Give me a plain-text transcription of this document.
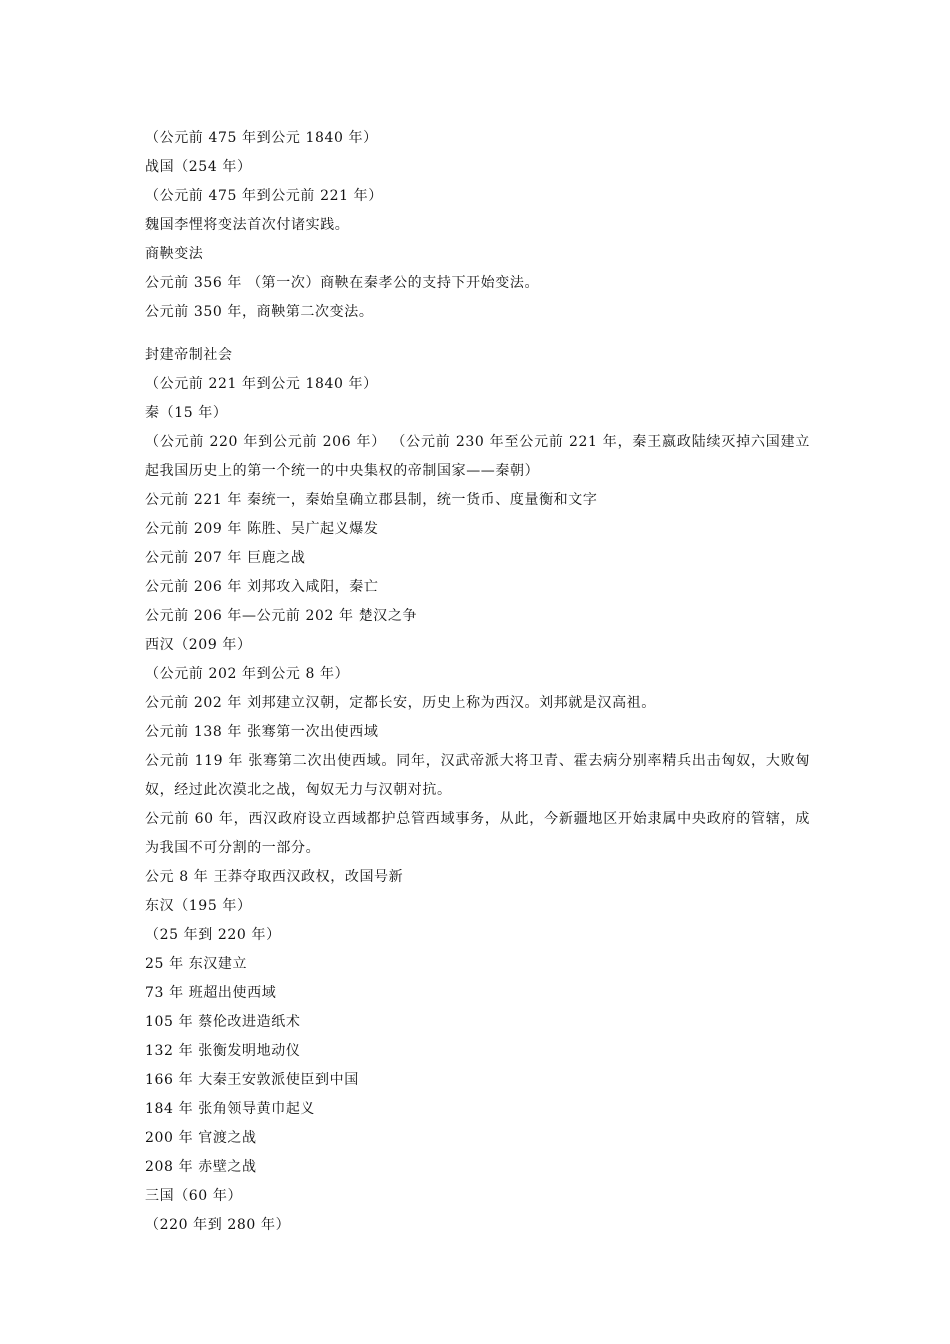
（公元前 475 年到公元 1840 年）
战国（254 年）
（公元前 475 年到公元前 221 年）
魏国李悝将变法首次付诸实践。
商鞅变法
公元前 356 年 （第一次）商鞅在秦孝公的支持下开始变法。
公元前 350 年，商鞅第二次变法。
封建帝制社会
（公元前 221 年到公元 1840 年）
秦（15 年）
（公元前 220 年到公元前 206 年） （公元前 230 年至公元前 221 年，秦王嬴政陆续灭掉六国建立起我国历史上的第一个统一的中央集权的帝制国家——秦朝）
公元前 221 年 秦统一，秦始皇确立郡县制，统一货币、度量衡和文字
公元前 209 年 陈胜、吴广起义爆发
公元前 207 年 巨鹿之战
公元前 206 年 刘邦攻入咸阳，秦亡
公元前 206 年—公元前 202 年 楚汉之争
西汉（209 年）
（公元前 202 年到公元 8 年）
公元前 202 年 刘邦建立汉朝，定都长安，历史上称为西汉。刘邦就是汉高祖。
公元前 138 年 张骞第一次出使西域
公元前 119 年 张骞第二次出使西域。同年，汉武帝派大将卫青、霍去病分别率精兵出击匈奴，大败匈奴，经过此次漠北之战，匈奴无力与汉朝对抗。
公元前 60 年，西汉政府设立西域都护总管西域事务，从此，今新疆地区开始隶属中央政府的管辖，成为我国不可分割的一部分。
公元 8 年 王莽夺取西汉政权，改国号新
东汉（195 年）
（25 年到 220 年）
25 年 东汉建立
73 年 班超出使西域
105 年 蔡伦改进造纸术
132 年 张衡发明地动仪
166 年 大秦王安敦派使臣到中国
184 年 张角领导黄巾起义
200 年 官渡之战
208 年 赤壁之战
三国（60 年）
（220 年到 280 年）
